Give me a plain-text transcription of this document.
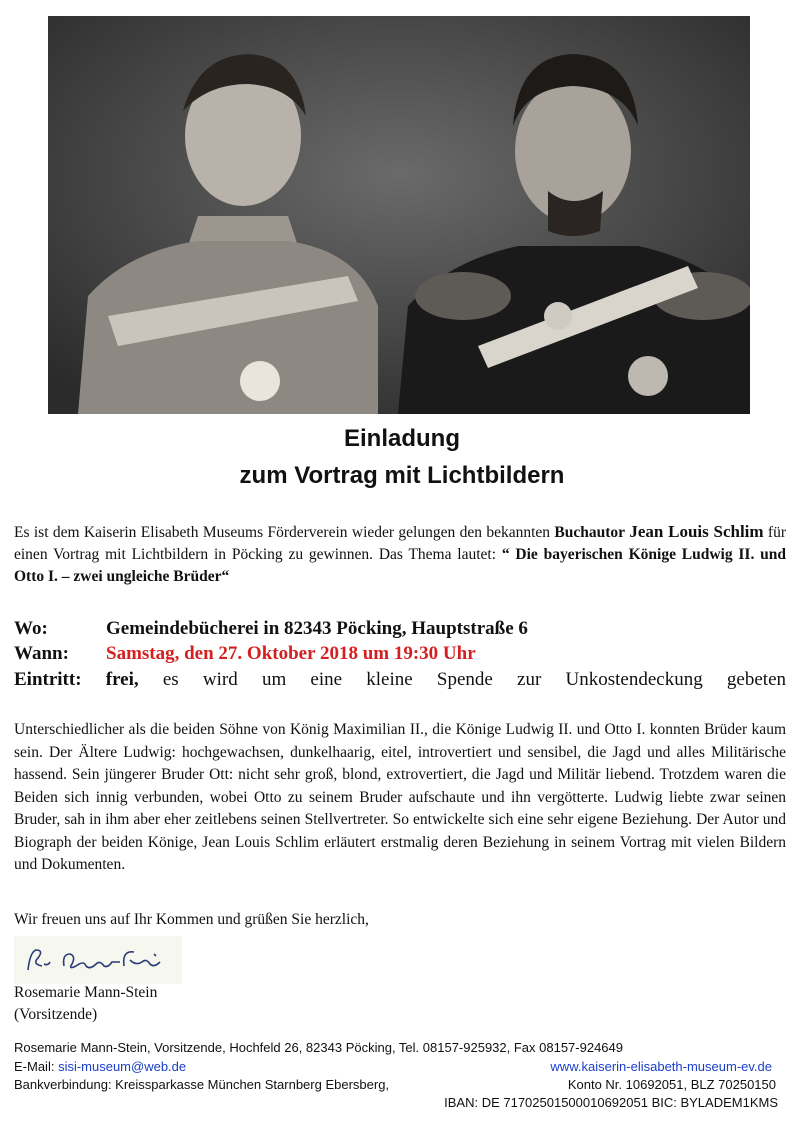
Einladung
zum Vortrag mit Lichtbildern
Es ist dem Kaiserin Elisabeth Museums Förderverein wieder gelungen den bekannten Buchautor Jean Louis Schlim für einen Vortrag mit Lichtbildern in Pöcking zu gewinnen. Das Thema lautet: “ Die bayerischen Könige Ludwig II. und Otto I. – zwei ungleiche Brüder“
Wo:	Gemeindebücherei in 82343 Pöcking, Hauptstraße 6
Wann: Samstag, den 27. Oktober 2018 um 19:30 Uhr
Eintritt: frei, es wird um eine kleine Spende zur Unkostendeckung gebeten
Unterschiedlicher als die beiden Söhne von König Maximilian II., die Könige Ludwig II. und Otto I. konnten Brüder kaum sein. Der Ältere Ludwig: hochgewachsen, dunkelhaarig, eitel, introvertiert und sensibel, die Jagd und alles Militärische hassend. Sein jüngerer Bruder Ott: nicht sehr groß, blond, extrovertiert, die Jagd und Militär liebend. Trotzdem waren die Beiden sich innig verbunden, wobei Otto zu seinem Bruder aufschaute und ihn vergötterte. Ludwig liebte zwar seinen Bruder, sah in ihm aber eher zeitlebens seinen Stellvertreter. So entwickelte sich eine sehr eigene Beziehung. Der Autor und Biograph der beiden Könige, Jean Louis Schlim erläutert erstmalig deren Beziehung in seinem Vortrag mit vielen Bildern und Dokumenten.
Wir freuen uns auf Ihr Kommen und grüßen Sie herzlich,
Rosemarie Mann-Stein
(Vorsitzende)
Rosemarie Mann-Stein, Vorsitzende, Hochfeld 26, 82343 Pöcking, Tel. 08157-925932, Fax 08157-924649
E-Mail: sisi-museum@web.de	www.kaiserin-elisabeth-museum-ev.de
Bankverbindung: Kreissparkasse München Starnberg Ebersberg,	Konto Nr. 10692051, BLZ 70250150
IBAN: DE 71702501500010692051 BIC: BYLADEM1KMS
